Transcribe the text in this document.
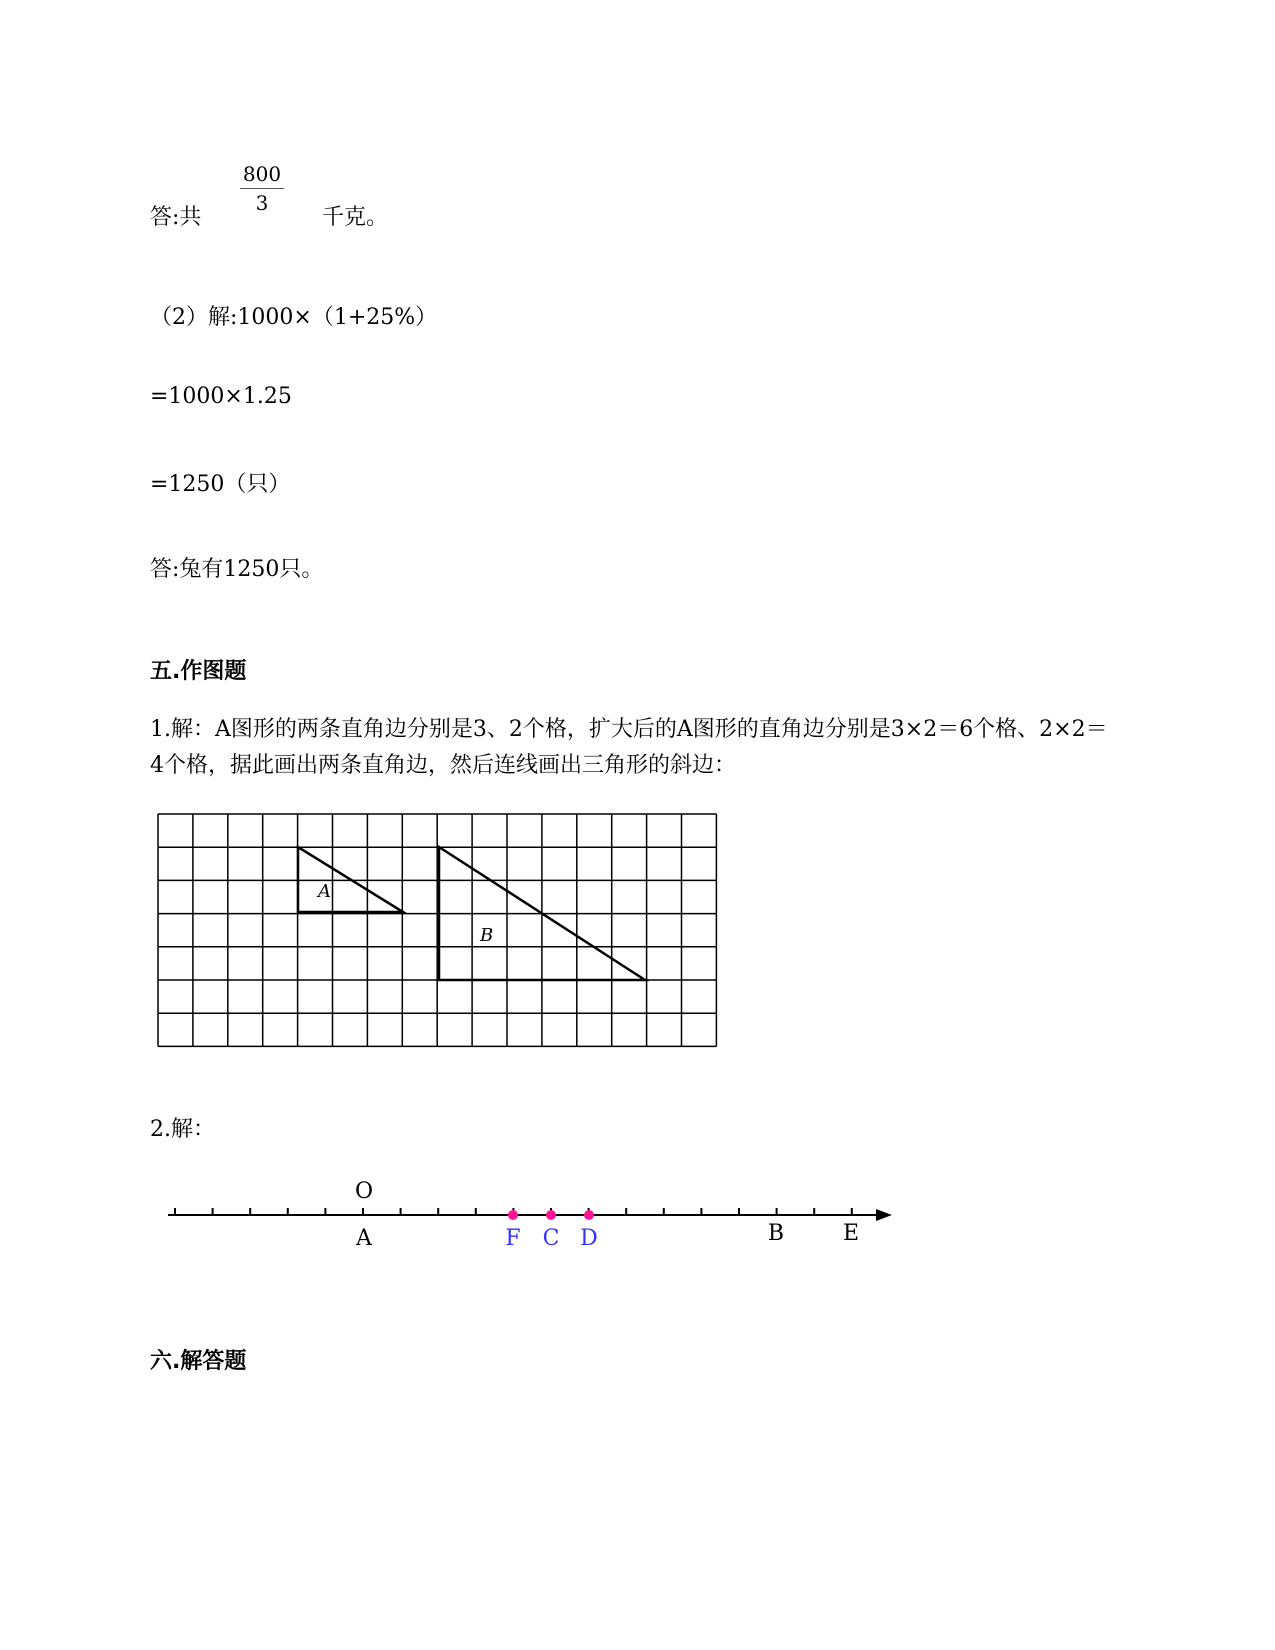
答:共
800
3
千克。
（2）解:1000×（1+25%）
=1000×1.25
=1250（只）
答:兔有1250只。
五.作图题
1.解：A图形的两条直角边分别是3、2个格，扩大后的A图形的直角边分别是3×2＝6个格、2×2＝4个格，据此画出两条直角边，然后连线画出三角形的斜边：
A
B
2.解：
O
A	F C D	B	E
六.解答题
